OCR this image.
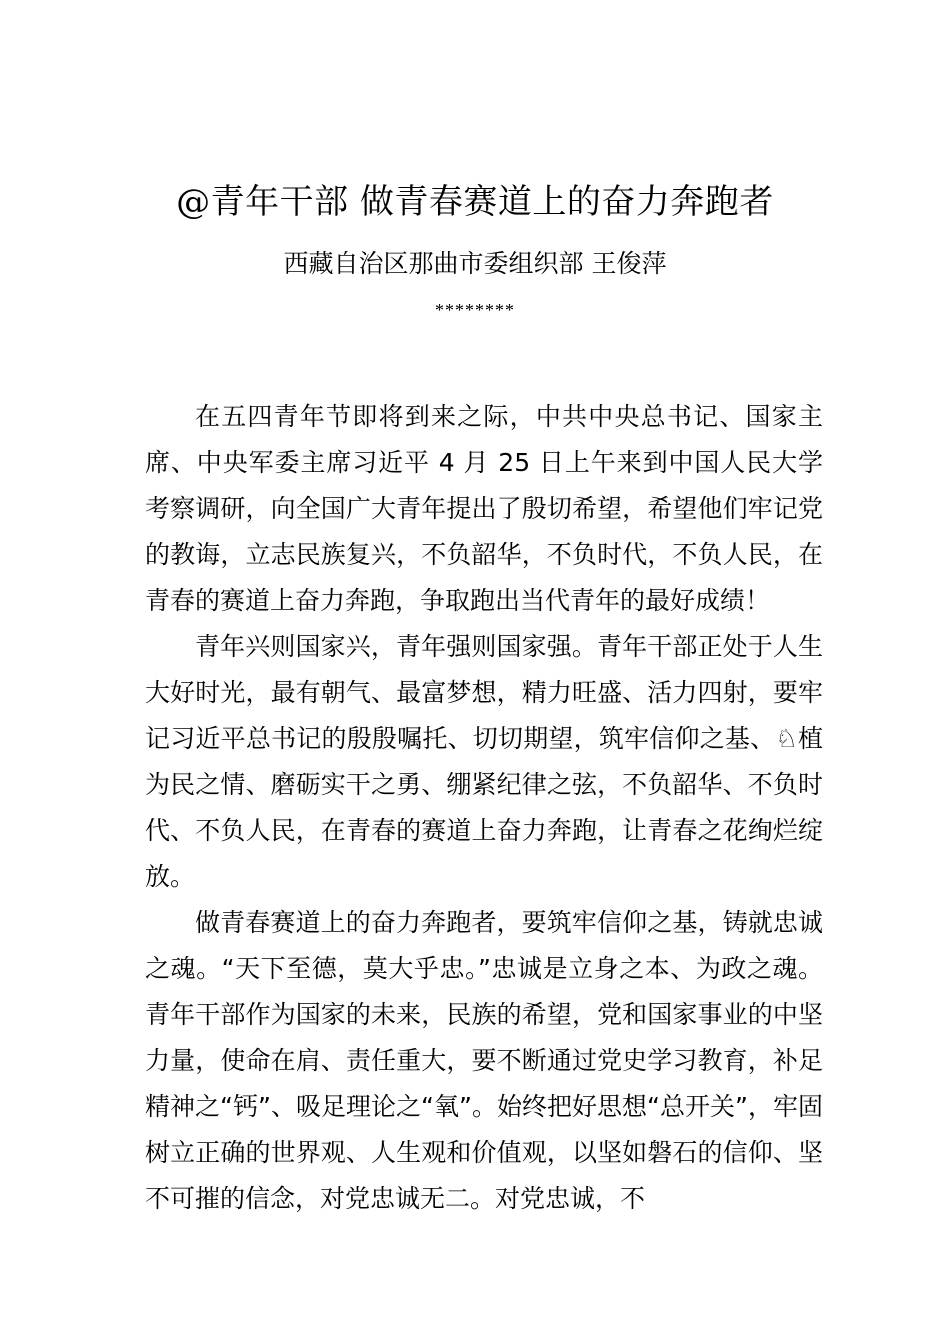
@青年干部 做青春赛道上的奋力奔跑者
西藏自治区那曲市委组织部 王俊萍
********

在五四青年节即将到来之际，中共中央总书记、国家主席、中央军委主席习近平 4 月 25 日上午来到中国人民大学考察调研，向全国广大青年提出了殷切希望，希望他们牢记党的教诲，立志民族复兴，不负韶华，不负时代，不负人民，在青春的赛道上奋力奔跑，争取跑出当代青年的最好成绩！

青年兴则国家兴，青年强则国家强。青年干部正处于人生大好时光，最有朝气、最富梦想，精力旺盛、活力四射，要牢记习近平总书记的殷殷嘱托、切切期望，筑牢信仰之基、♘植为民之情、磨砺实干之勇、绷紧纪律之弦，不负韶华、不负时代、不负人民，在青春的赛道上奋力奔跑，让青春之花绚烂绽放。

做青春赛道上的奋力奔跑者，要筑牢信仰之基，铸就忠诚之魂。“天下至德，莫大乎忠。”忠诚是立身之本、为政之魂。青年干部作为国家的未来，民族的希望，党和国家事业的中坚力量，使命在肩、责任重大，要不断通过党史学习教育，补足精神之“钙”、吸足理论之“氧”。始终把好思想“总开关”，牢固树立正确的世界观、人生观和价值观，以坚如磐石的信仰、坚不可摧的信念，对党忠诚无二。对党忠诚，不
